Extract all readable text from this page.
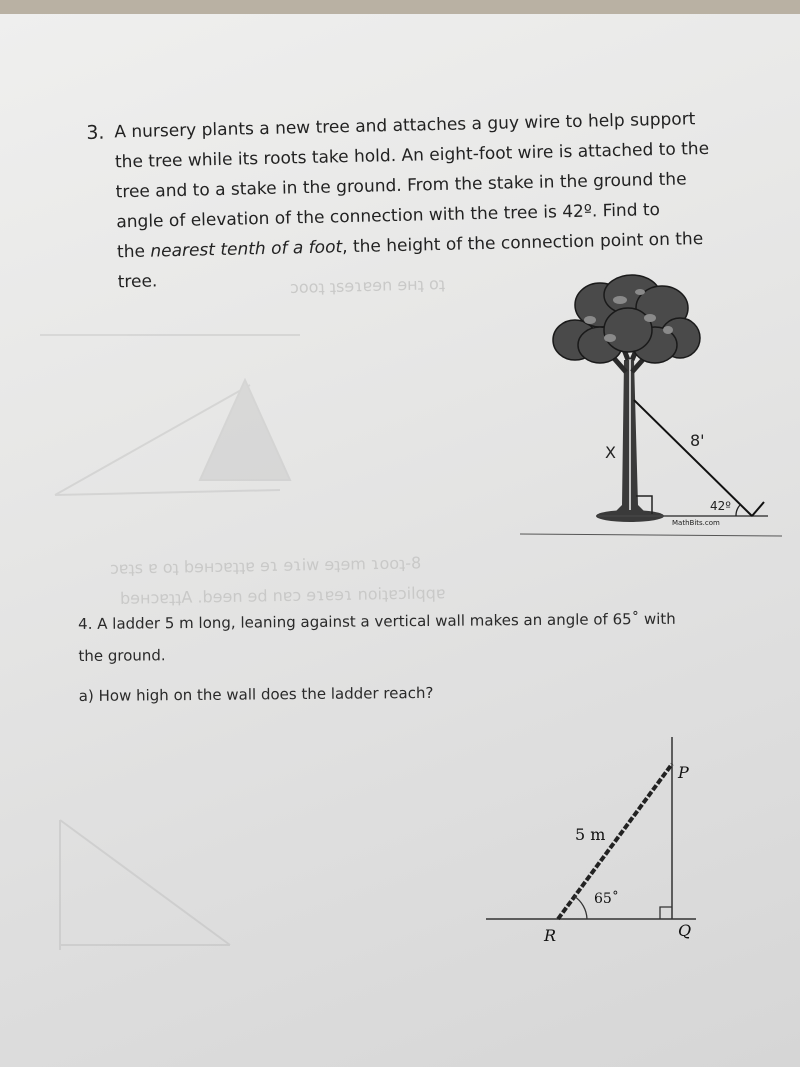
ɔooʇ ʇsɘɿɐɘn ɘʜʇ oʇ
ɔɐʇs ɐ oʇ bɘʜɔɐʇʇɐ ɘɿ ɘɿiw ɘʇɘm ɿooʇ-8
bɘʜɔɐʇʇA .bɘɘn ɘd nɐɔ ɘɿɐɘɿ noiʇɐɔilqqɐ
X
8'
42º
MathBits.com
5 m
65˚
P
Q
R
3. A nursery plants a new tree and attaches a guy wire to help support
the tree while its roots take hold. An eight-foot wire is attached to the
tree and to a stake in the ground. From the stake in the ground the
angle of elevation of the connection with the tree is 42º. Find to
the nearest tenth of a foot, the height of the connection point on the
tree.
4. A ladder 5 m long, leaning against a vertical wall makes an angle of 65˚ with
the ground.
a) How high on the wall does the ladder reach?
